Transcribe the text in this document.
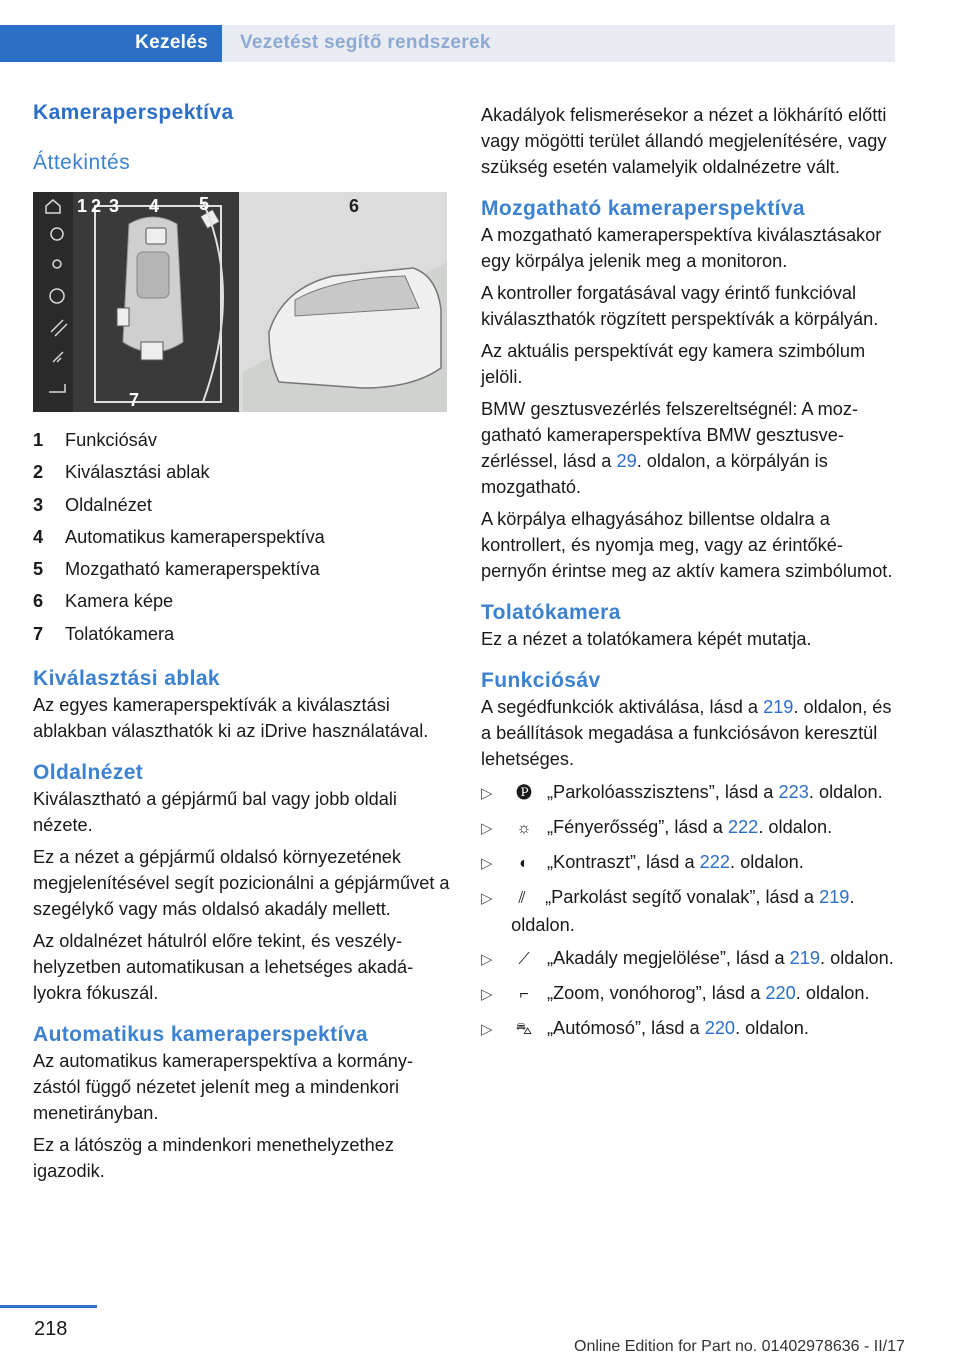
Kezelés Vezetést segítő rendszerek
Kameraperspektíva
Áttekintés
1 2 3 4 5	6
7
1	Funkciósáv
2	Kiválasztási ablak
3	Oldalnézet
4	Automatikus kameraperspektíva
5	Mozgatható kameraperspektíva
6	Kamera képe
7	Tolatókamera
Kiválasztási ablak

Az egyes kameraperspektívák a kiválasztási ablakban választhatók ki az iDrive használatával.

Oldalnézet

Kiválasztható a gépjármű bal vagy jobb oldali nézete.

Ez a nézet a gépjármű oldalsó környezetének megjelenítésével segít pozicionálni a gépjárművet a szegélykő vagy más oldalsó akadály mellett.

Az oldalnézet hátulról előre tekint, és veszélyhelyzetben automatikusan a lehetséges akadályokra fókuszál.

Automatikus kameraperspektíva

Az automatikus kameraperspektíva a kormányzástól függő nézetet jelenít meg a mindenkori menetirányban.

Ez a látószög a mindenkori menethelyzethez igazodik.

Akadályok felismerésekor a nézet a lökhárító előtti vagy mögötti terület állandó megjelenítésére, vagy szükség esetén valamelyik oldalnézetre vált.

Mozgatható kameraperspektíva

A mozgatható kameraperspektíva kiválasztásakor egy körpálya jelenik meg a monitoron.

A kontroller forgatásával vagy érintő funkcióval kiválaszthatók rögzített perspektívák a körpályán.

Az aktuális perspektívát egy kamera szimbólum jelöli.

BMW gesztusvezérlés felszereltségnél: A mozgatható kameraperspektíva BMW gesztusvezérléssel, lásd a 29. oldalon, a körpályán is mozgatható.

A körpálya elhagyásához billentse oldalra a kontrollert, és nyomja meg, vagy az érintőképernyőn érintse meg az aktív kamera szimbólumot.

Tolatókamera

Ez a nézet a tolatókamera képét mutatja.

Funkciósáv

A segédfunkciók aktiválása, lásd a 219. oldalon, és a beállítások megadása a funkciósávon keresztül lehetséges.

▷	🅟 „Parkolóasszisztens”, lásd a 223. oldalon.
▷	☼ „Fényerősség”, lásd a 222. oldalon.
▷	◐ „Kontraszt”, lásd a 222. oldalon.
▷	⫽ „Parkolást segítő vonalak”, lásd a 219. oldalon.
▷	⟋ „Akadály megjelölése”, lásd a 219. oldalon.
▷	⌐ „Zoom, vonóhorog”, lásd a 220. oldalon.
▷	⛍ „Autómosó”, lásd a 220. oldalon.
218
Online Edition for Part no. 01402978636 - II/17
